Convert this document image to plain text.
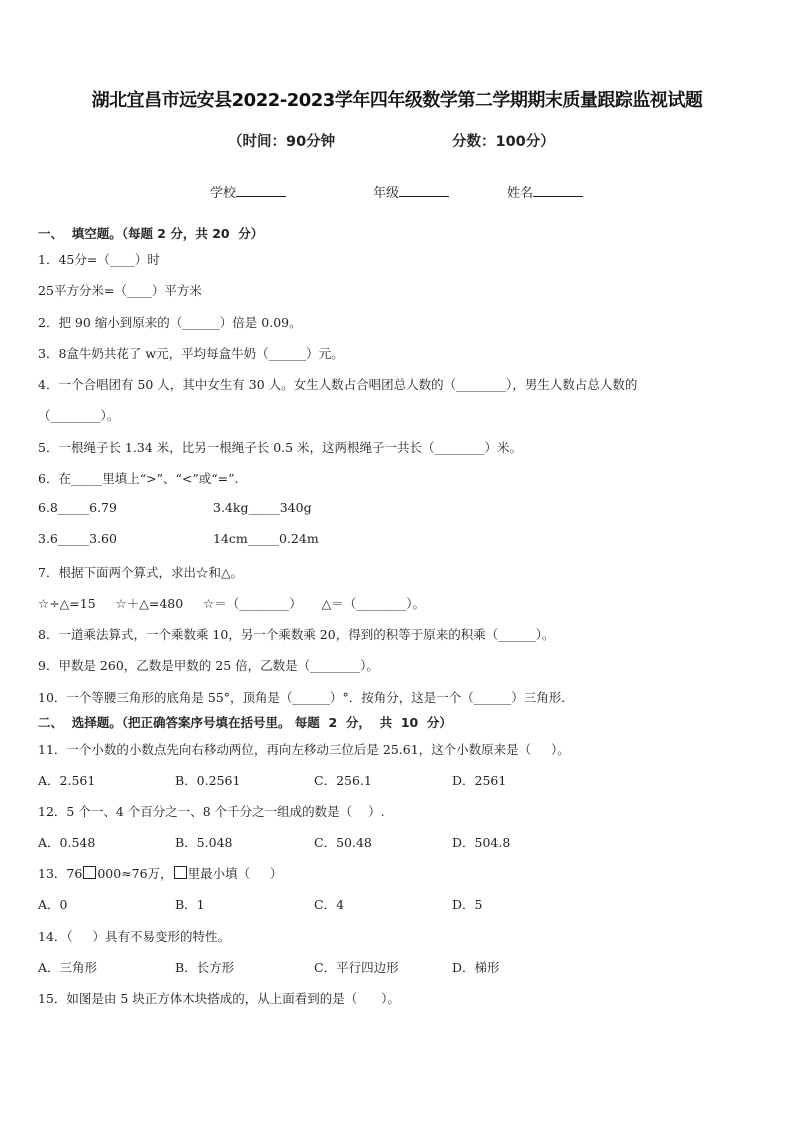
湖北宜昌市远安县2022-2023学年四年级数学第二学期期末质量跟踪监视试题
（时间：90分钟	分数：100分）
学校	年级	姓名
一、  填空题。（每题 2 分，共 20  分）
1．45分=（____）时
25平方分米=（____）平方米
2．把 90 缩小到原来的（______）倍是 0.09。
3．8盒牛奶共花了 w元，平均每盒牛奶（______）元。
4．一个合唱团有 50 人，其中女生有 30 人。女生人数占合唱团总人数的（________），男生人数占总人数的
（________）。
5．一根绳子长 1.34 米，比另一根绳子长 0.5 米，这两根绳子一共长（________）米。
6．在_____里填上“>”、“<”或“=”.
6.8_____6.79	3.4kg_____340g
3.6_____3.60	14cm_____0.24m
7．根据下面两个算式，求出☆和△。
☆÷△=15     ☆＋△=480     ☆＝（________）     △＝（________）。
8．一道乘法算式，一个乘数乘 10，另一个乘数乘 20，得到的积等于原来的积乘（______）。
9．甲数是 260，乙数是甲数的 25 倍，乙数是（________）。
10．一个等腰三角形的底角是 55°，顶角是（______）°．按角分，这是一个（______）三角形．
二、  选择题。（把正确答案序号填在括号里。 每题  2  分，  共  10  分）
11．一个小数的小数点先向右移动两位，再向左移动三位后是 25.61，这个小数原来是（     ）。
A．2.561	B．0.2561	C．256.1	D．2561
12．5 个一、4 个百分之一、8 个千分之一组成的数是（    ）.
A．0.548	B．5.048	C．50.48	D．504.8
13．76 000≈76万， 里最小填（     ）
A．0	B．1	C．4	D．5
14．（     ）具有不易变形的特性。
A．三角形	B．长方形	C．平行四边形	D．梯形
15．如图是由 5 块正方体木块搭成的，从上面看到的是（      ）。
